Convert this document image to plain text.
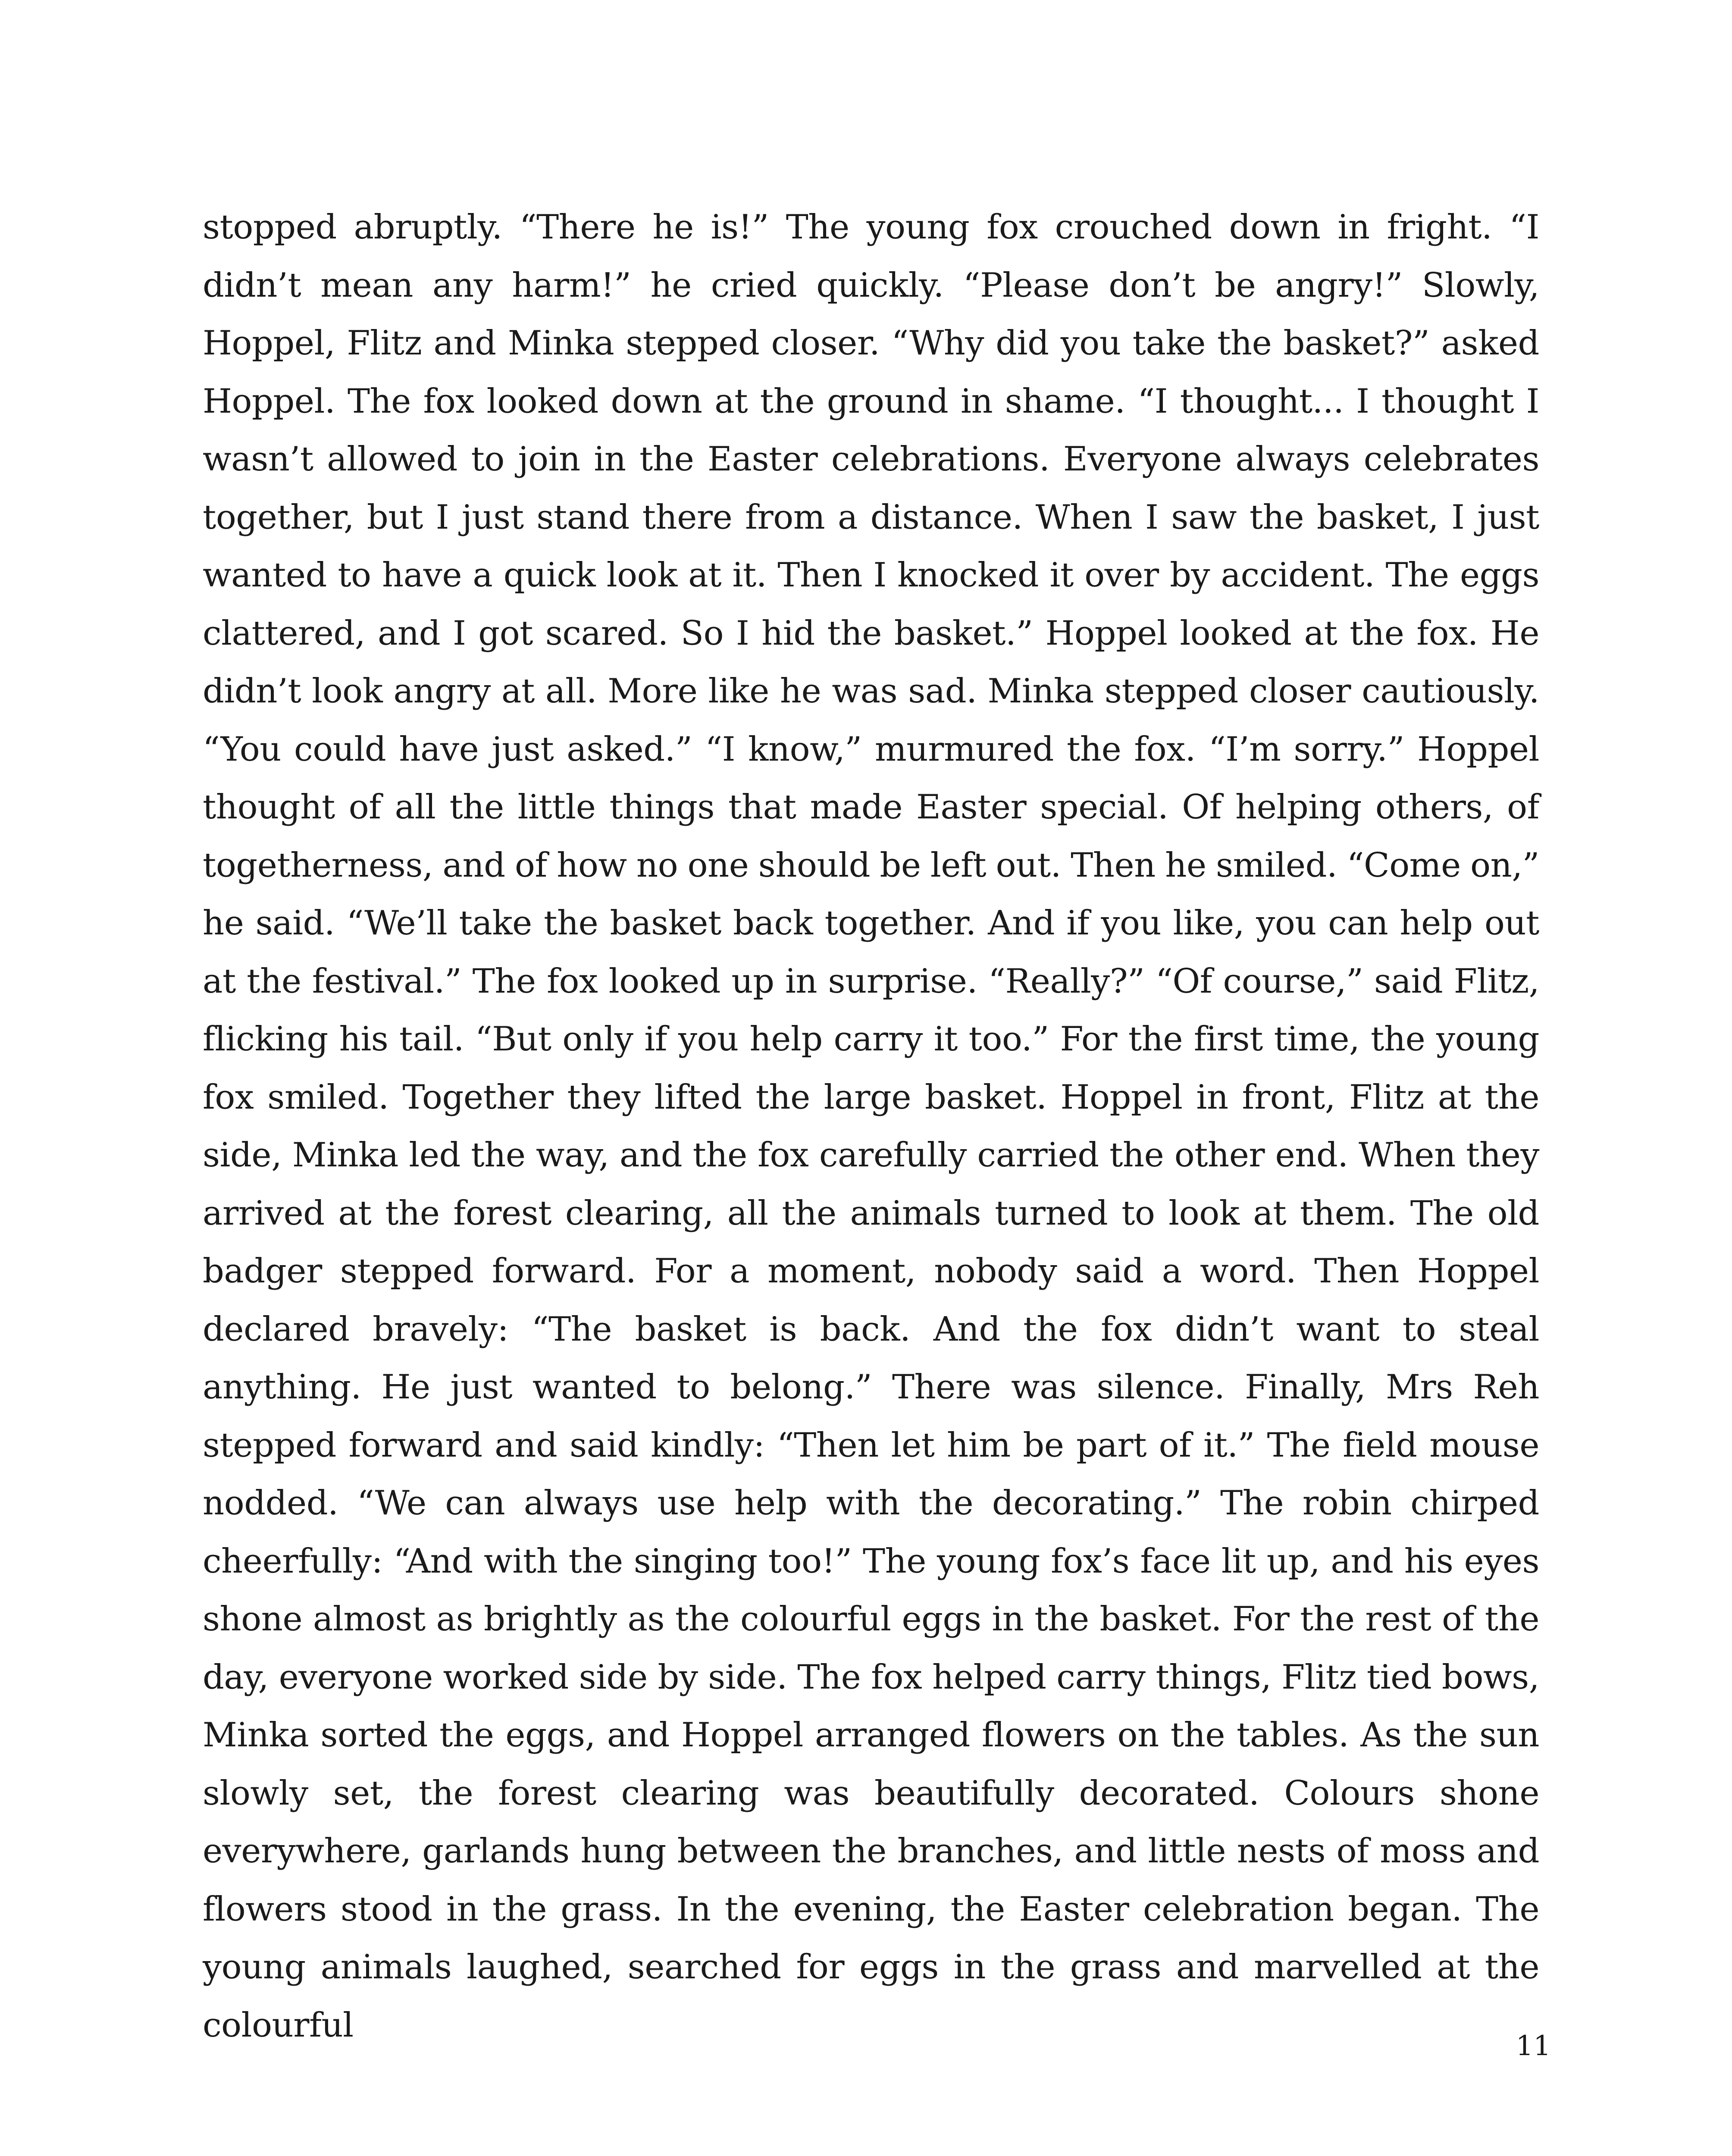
stopped abruptly. “There he is!” The young fox crouched down in fright. “I didn’t mean any harm!” he cried quickly. “Please don’t be angry!” Slowly, Hoppel, Flitz and Minka stepped closer. “Why did you take the basket?” asked Hoppel. The fox looked down at the ground in shame. “I thought... I thought I wasn’t allowed to join in the Easter celebrations. Everyone always celebrates together, but I just stand there from a distance. When I saw the basket, I just wanted to have a quick look at it. Then I knocked it over by accident. The eggs clattered, and I got scared. So I hid the basket.” Hoppel looked at the fox. He didn’t look angry at all. More like he was sad. Minka stepped closer cautiously. “You could have just asked.” “I know,” murmured the fox. “I’m sorry.” Hoppel thought of all the little things that made Easter special. Of helping others, of togetherness, and of how no one should be left out. Then he smiled. “Come on,” he said. “We’ll take the basket back together. And if you like, you can help out at the festival.” The fox looked up in surprise. “Really?” “Of course,” said Flitz, flicking his tail. “But only if you help carry it too.” For the first time, the young fox smiled. Together they lifted the large basket. Hoppel in front, Flitz at the side, Minka led the way, and the fox carefully carried the other end. When they arrived at the forest clearing, all the animals turned to look at them. The old badger stepped forward. For a moment, nobody said a word. Then Hoppel declared bravely: “The basket is back. And the fox didn’t want to steal anything. He just wanted to belong.” There was silence. Finally, Mrs Reh stepped forward and said kindly: “Then let him be part of it.” The field mouse nodded. “We can always use help with the decorating.” The robin chirped cheerfully: “And with the singing too!” The young fox’s face lit up, and his eyes shone almost as brightly as the colourful eggs in the basket. For the rest of the day, everyone worked side by side. The fox helped carry things, Flitz tied bows, Minka sorted the eggs, and Hoppel arranged flowers on the tables. As the sun slowly set, the forest clearing was beautifully decorated. Colours shone everywhere, garlands hung between the branches, and little nests of moss and flowers stood in the grass. In the evening, the Easter celebration began. The young animals laughed, searched for eggs in the grass and marvelled at the colourful

11
